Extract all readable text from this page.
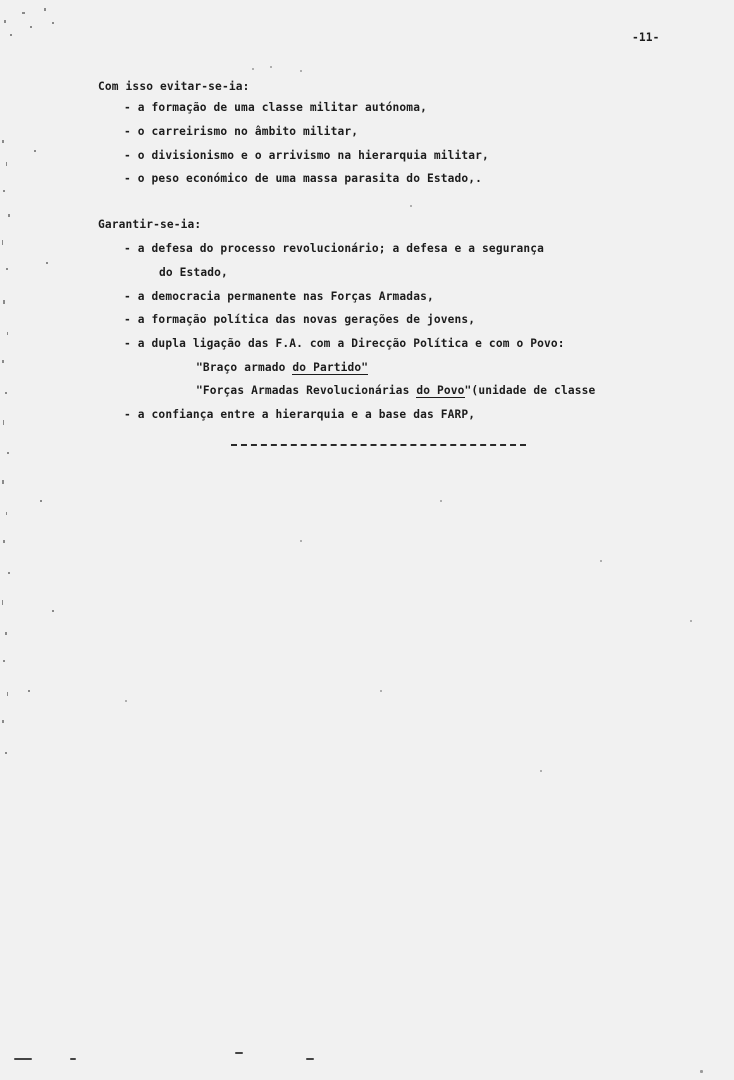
-11-
Com isso evitar-se-ia:
- a formação de uma classe militar autónoma,
- o carreirismo no âmbito militar,
- o divisionismo e o arrivismo na hierarquia militar,
- o peso económico de uma massa parasita do Estado,.
Garantir-se-ia:
- a defesa do processo revolucionário; a defesa e a segurança
do Estado,
- a democracia permanente nas Forças Armadas,
- a formação política das novas gerações de jovens,
- a dupla ligação das F.A. com a Direcção Política e com o Povo:
"Braço armado do Partido"
"Forças Armadas Revolucionárias do Povo"(unidade de classe
- a confiança entre a hierarquia e a base das FARP,
